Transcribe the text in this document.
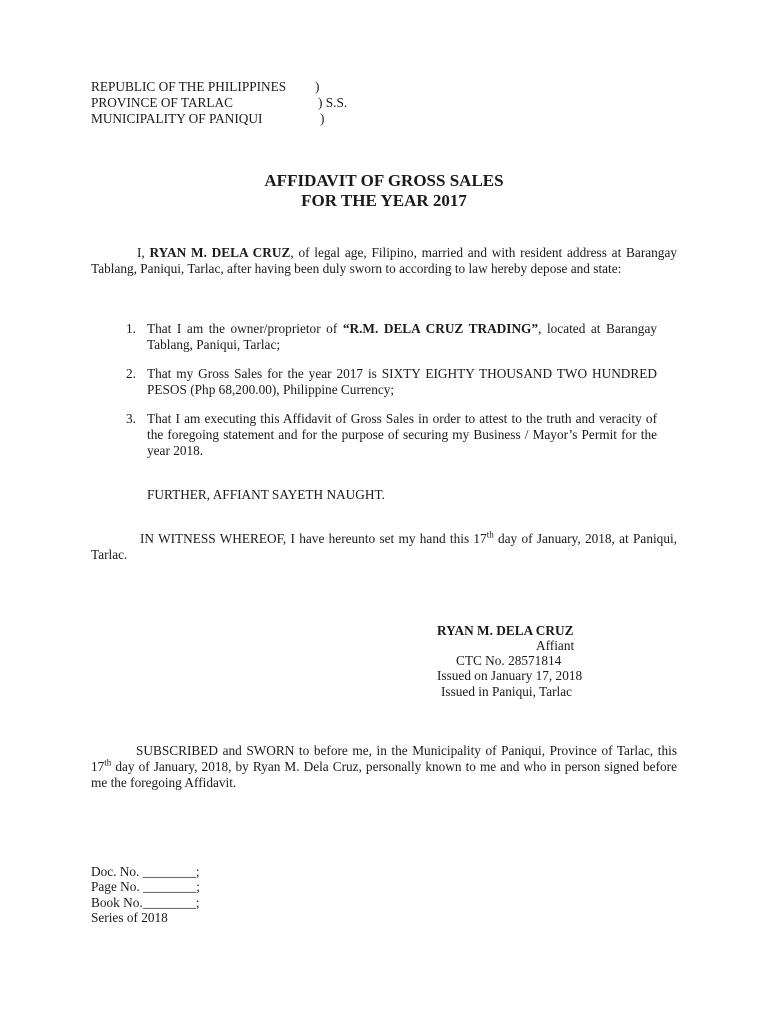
REPUBLIC OF THE PHILIPPINES )
PROVINCE OF TARLAC	) S.S.
MUNICIPALITY OF PANIQUI	)
AFFIDAVIT OF GROSS SALES
FOR THE YEAR 2017
I, RYAN M. DELA CRUZ, of legal age, Filipino, married and with resident address at Barangay Tablang, Paniqui, Tarlac, after having been duly sworn to according to law hereby depose and state:
1. That I am the owner/proprietor of “R.M. DELA CRUZ TRADING”, located at Barangay Tablang, Paniqui, Tarlac;
2. That my Gross Sales for the year 2017 is SIXTY EIGHTY THOUSAND TWO HUNDRED PESOS (Php 68,200.00), Philippine Currency;
3. That I am executing this Affidavit of Gross Sales in order to attest to the truth and veracity of the foregoing statement and for the purpose of securing my Business / Mayor’s Permit for the year 2018.
FURTHER, AFFIANT SAYETH NAUGHT.
IN WITNESS WHEREOF, I have hereunto set my hand this 17th day of January, 2018, at Paniqui, Tarlac.
RYAN M. DELA CRUZ
Affiant
CTC No. 28571814
Issued on January 17, 2018
Issued in Paniqui, Tarlac
SUBSCRIBED and SWORN to before me, in the Municipality of Paniqui, Province of Tarlac, this 17th day of January, 2018, by Ryan M. Dela Cruz, personally known to me and who in person signed before me the foregoing Affidavit.
Doc. No. ________;
Page No. ________;
Book No.________;
Series of 2018
